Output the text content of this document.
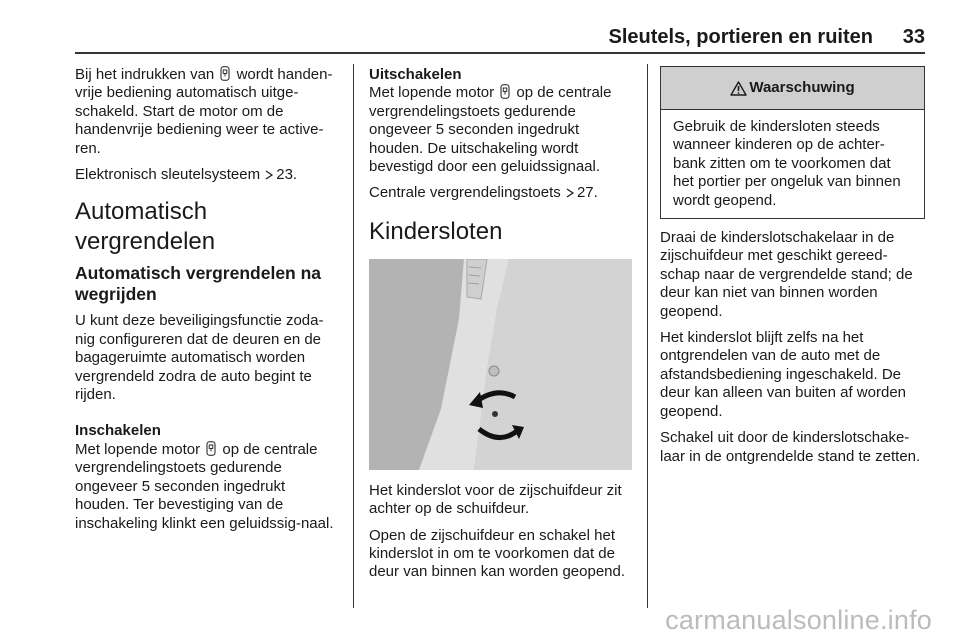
Sleutels, portieren en ruiten 33

Bij het indrukken van  wordt handen-vrije bediening automatisch uitge-schakeld. Start de motor om de handenvrije bediening weer te active-ren.

Elektronisch sleutelsysteem 23.

Automatisch vergrendelen
Automatisch vergrendelen na wegrijden

U kunt deze beveiligingsfunctie zoda-nig configureren dat de deuren en de bagageruimte automatisch worden vergrendeld zodra de auto begint te rijden.

Inschakelen

Met lopende motor  op de centrale vergrendelingstoets gedurende ongeveer 5 seconden ingedrukt houden. Ter bevestiging van de inschakeling klinkt een geluidssig-naal.

Uitschakelen

Met lopende motor  op de centrale vergrendelingstoets gedurende ongeveer 5 seconden ingedrukt houden. De uitschakeling wordt bevestigd door een geluidssignaal.

Centrale vergrendelingstoets 27.

Kindersloten

Het kinderslot voor de zijschuifdeur zit achter op de schuifdeur.

Open de zijschuifdeur en schakel het kinderslot in om te voorkomen dat de deur van binnen kan worden geopend.

Waarschuwing
Gebruik de kindersloten steeds wanneer kinderen op de achter-bank zitten om te voorkomen dat het portier per ongeluk van binnen wordt geopend.

Draai de kinderslotschakelaar in de zijschuifdeur met geschikt gereed-schap naar de vergrendelde stand; de deur kan niet van binnen worden geopend.

Het kinderslot blijft zelfs na het ontgrendelen van de auto met de afstandsbediening ingeschakeld. De deur kan alleen van buiten af worden geopend.

Schakel uit door de kinderslotschake-laar in de ontgrendelde stand te zetten.

carmanualsonline.info
